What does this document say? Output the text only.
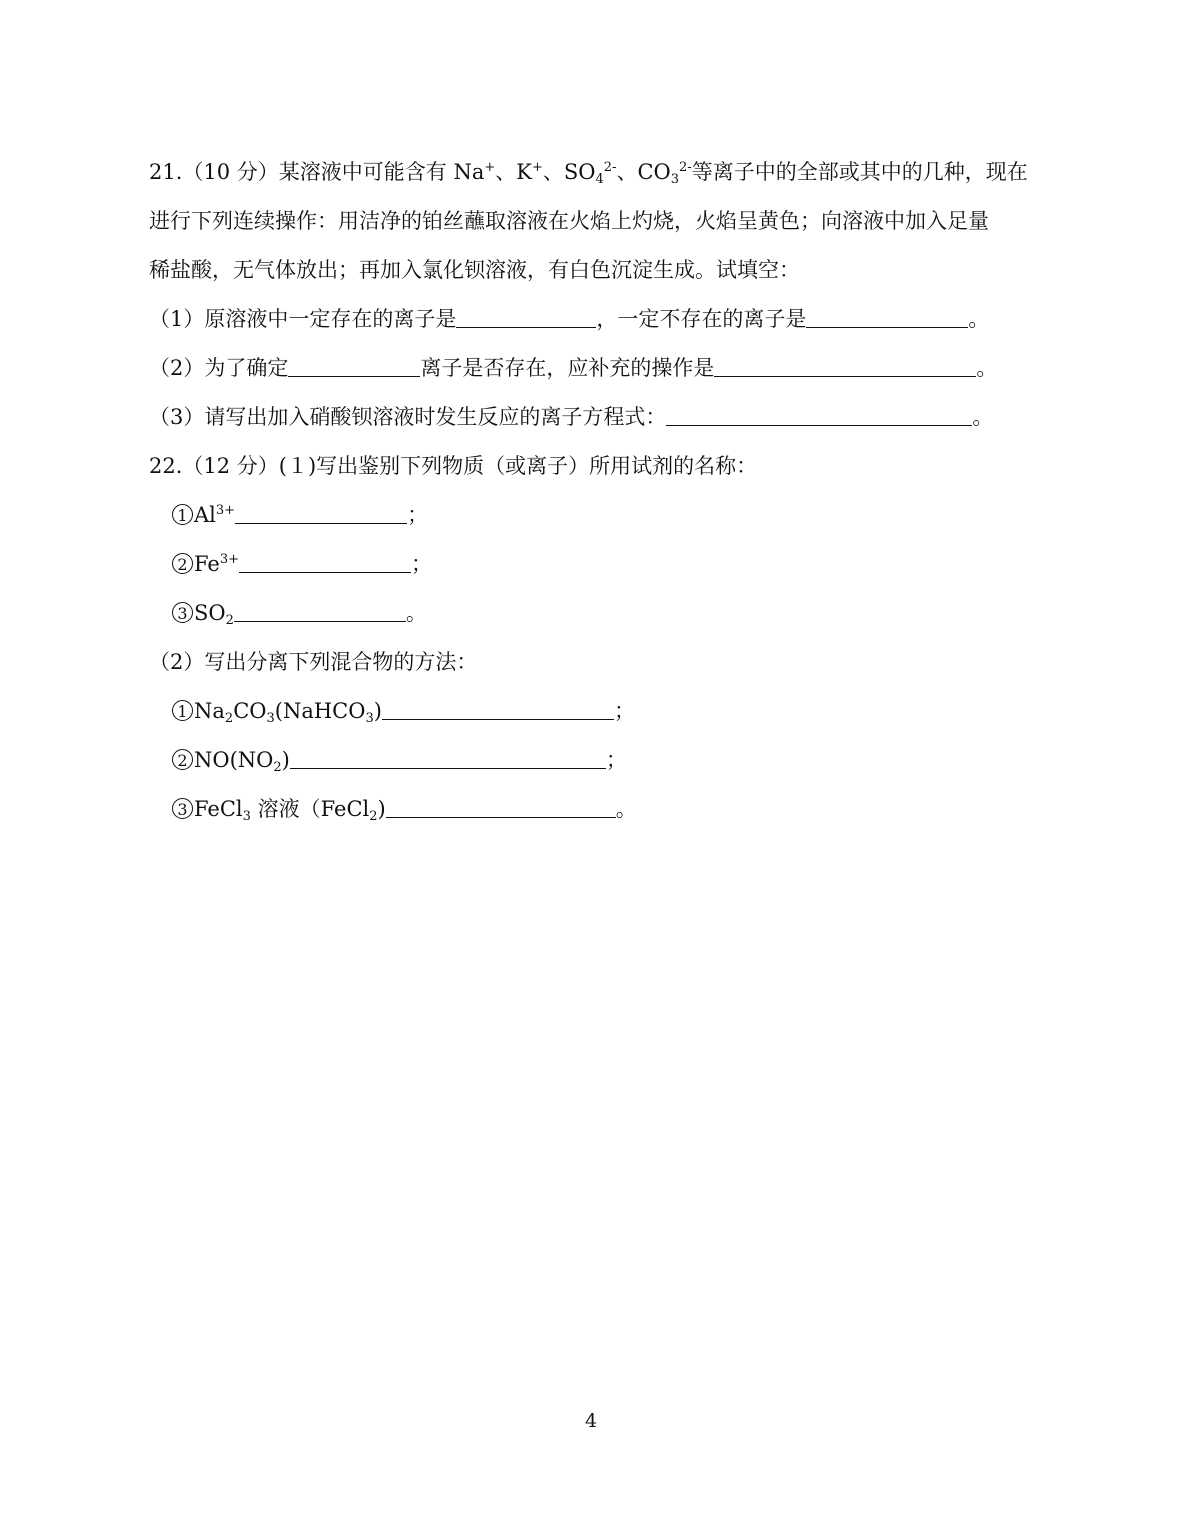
21.（10 分）某溶液中可能含有 Na+、K+、$SO_4^{2-}$、$CO_3^{2-}$等离子中的全部或其中的几种，现在
进行下列连续操作：用洁净的铂丝蘸取溶液在火焰上灼烧，火焰呈黄色；向溶液中加入足量
稀盐酸，无气体放出；再加入氯化钡溶液，有白色沉淀生成。试填空：
（1）原溶液中一定存在的离子是	，一定不存在的离子是	。
（2）为了确定	离子是否存在，应补充的操作是	。
（3）请写出加入硝酸钡溶液时发生反应的离子方程式：	。
22.（12 分）(１)写出鉴别下列物质（或离子）所用试剂的名称：
1 $Al^{3+}$	；
2 $Fe^{3+}$	；
3 $SO_2$	。
（2）写出分离下列混合物的方法：
1 $Na_2CO_3(NaHCO_3)$	；
2 $NO(NO_2)$	；
3 FeCl$_3$ 溶液（FeCl$_2$)	。
4
